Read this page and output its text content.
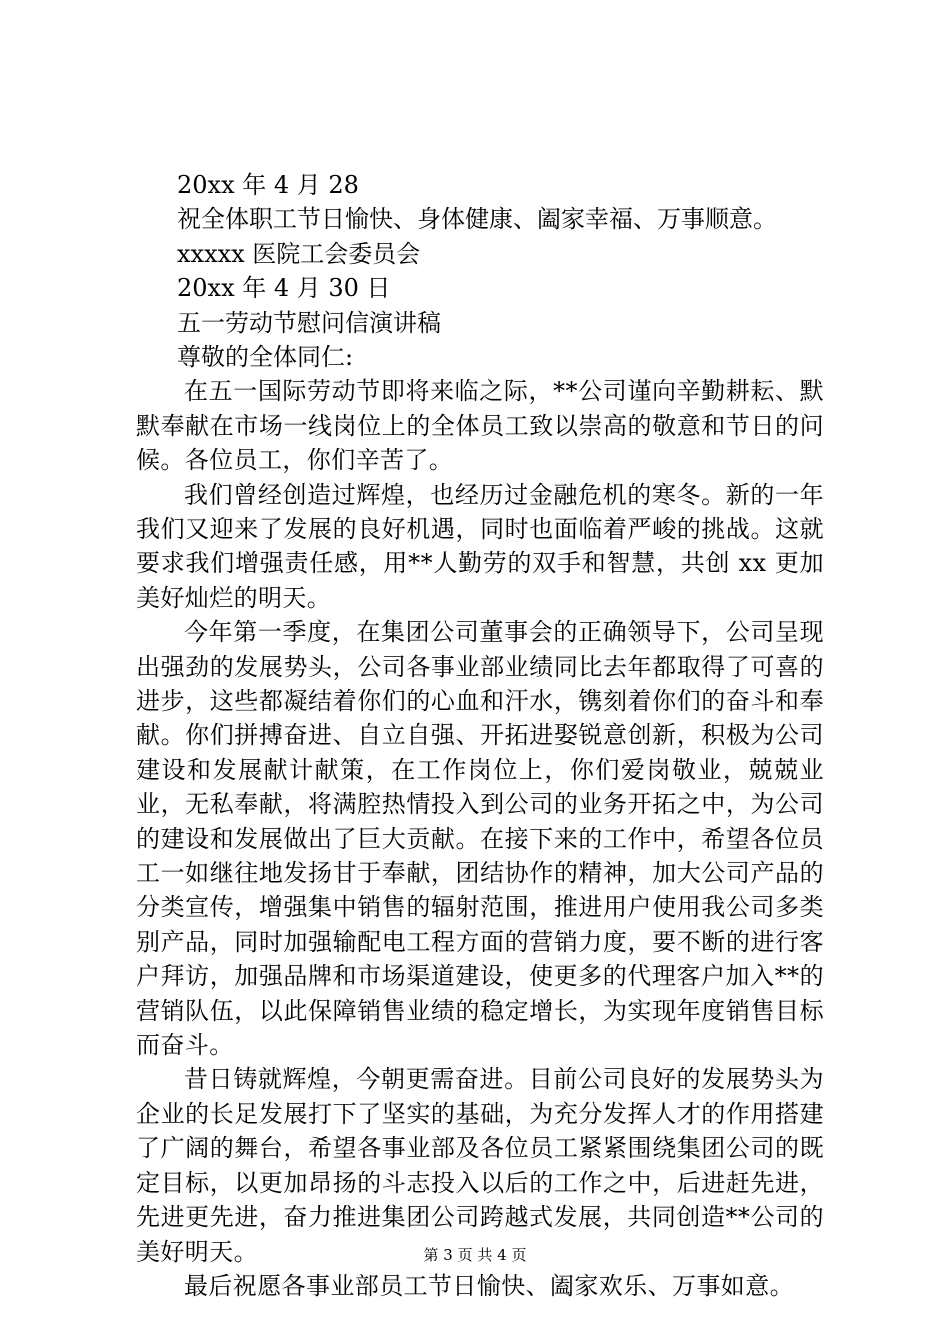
20xx 年 4 月 28
祝全体职工节日愉快、身体健康、阖家幸福、万事顺意。
xxxxx 医院工会委员会
20xx 年 4 月 30 日
五一劳动节慰问信演讲稿
尊敬的全体同仁:

在五一国际劳动节即将来临之际，**公司谨向辛勤耕耘、默默奉献在市场一线岗位上的全体员工致以崇高的敬意和节日的问候。各位员工，你们辛苦了。

我们曾经创造过辉煌，也经历过金融危机的寒冬。新的一年我们又迎来了发展的良好机遇，同时也面临着严峻的挑战。这就要求我们增强责任感，用**人勤劳的双手和智慧，共创 xx 更加美好灿烂的明天。

今年第一季度，在集团公司董事会的正确领导下，公司呈现出强劲的发展势头，公司各事业部业绩同比去年都取得了可喜的进步，这些都凝结着你们的心血和汗水，镌刻着你们的奋斗和奉献。你们拼搏奋进、自立自强、开拓进娶锐意创新，积极为公司建设和发展献计献策，在工作岗位上，你们爱岗敬业，兢兢业业，无私奉献，将满腔热情投入到公司的业务开拓之中，为公司的建设和发展做出了巨大贡献。在接下来的工作中，希望各位员工一如继往地发扬甘于奉献，团结协作的精神，加大公司产品的分类宣传，增强集中销售的辐射范围，推进用户使用我公司多类别产品，同时加强输配电工程方面的营销力度，要不断的进行客户拜访，加强品牌和市场渠道建设，使更多的代理客户加入**的营销队伍，以此保障销售业绩的稳定增长，为实现年度销售目标而奋斗。

昔日铸就辉煌，今朝更需奋进。目前公司良好的发展势头为企业的长足发展打下了坚实的基础，为充分发挥人才的作用搭建了广阔的舞台，希望各事业部及各位员工紧紧围绕集团公司的既定目标，以更加昂扬的斗志投入以后的工作之中，后进赶先进，先进更先进，奋力推进集团公司跨越式发展，共同创造**公司的美好明天。

最后祝愿各事业部员工节日愉快、阖家欢乐、万事如意。

第 3 页 共 4 页
